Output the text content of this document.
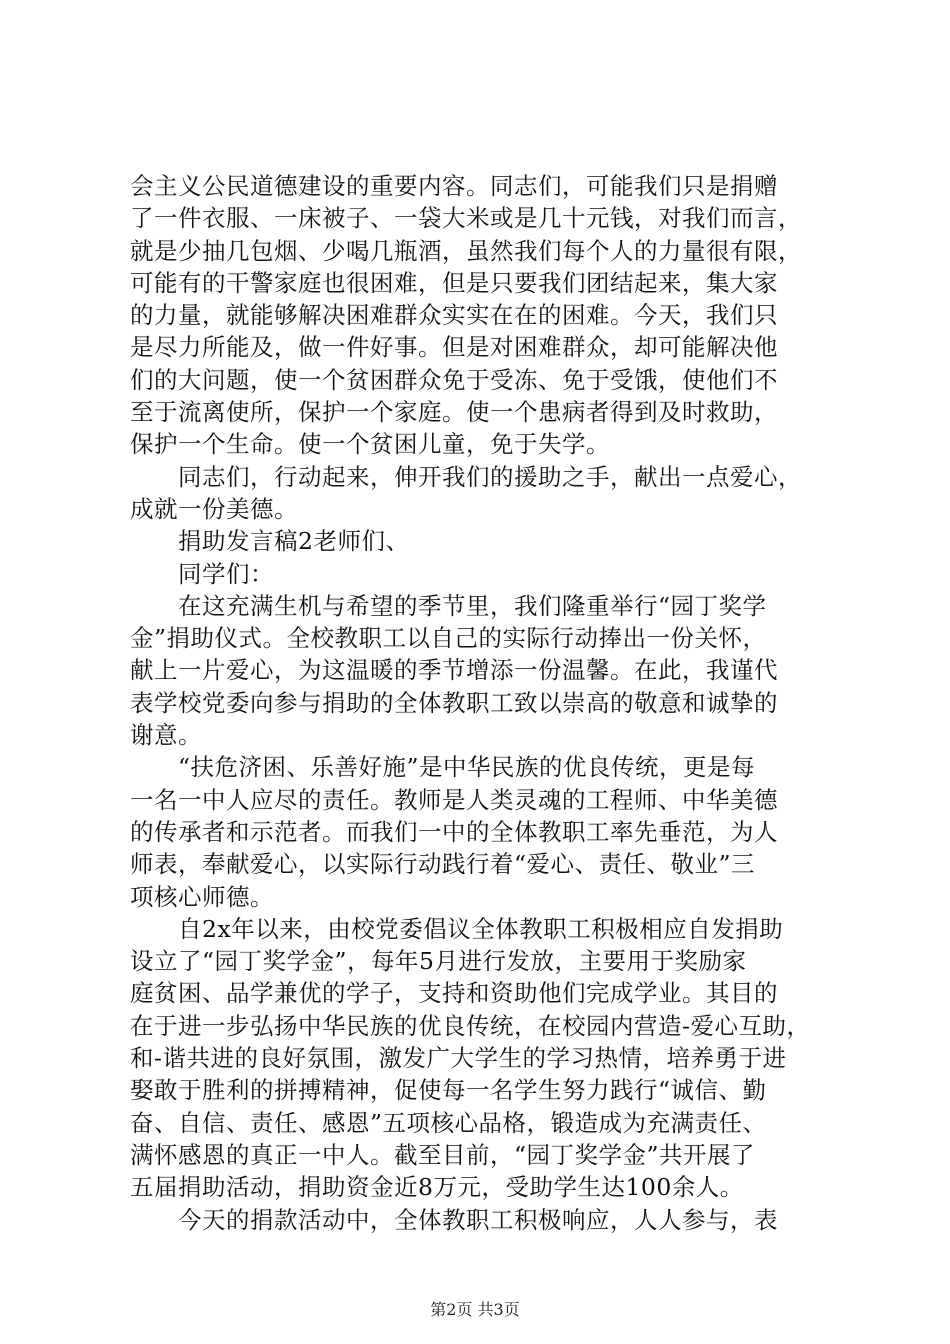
会主义公民道德建设的重要内容。同志们，可能我们只是捐赠
了一件衣服、一床被子、一袋大米或是几十元钱，对我们而言，
就是少抽几包烟、少喝几瓶酒，虽然我们每个人的力量很有限，
可能有的干警家庭也很困难，但是只要我们团结起来，集大家
的力量，就能够解决困难群众实实在在的困难。今天，我们只
是尽力所能及，做一件好事。但是对困难群众，却可能解决他
们的大问题，使一个贫困群众免于受冻、免于受饿，使他们不
至于流离使所，保护一个家庭。使一个患病者得到及时救助，
保护一个生命。使一个贫困儿童，免于失学。
同志们，行动起来，伸开我们的援助之手，献出一点爱心，
成就一份美德。
捐助发言稿2老师们、
同学们：
在这充满生机与希望的季节里，我们隆重举行“园丁奖学
金”捐助仪式。全校教职工以自己的实际行动捧出一份关怀，
献上一片爱心，为这温暖的季节增添一份温馨。在此，我谨代
表学校党委向参与捐助的全体教职工致以崇高的敬意和诚挚的
谢意。
“扶危济困、乐善好施”是中华民族的优良传统，更是每
一名一中人应尽的责任。教师是人类灵魂的工程师、中华美德
的传承者和示范者。而我们一中的全体教职工率先垂范，为人
师表，奉献爱心，以实际行动践行着“爱心、责任、敬业”三
项核心师德。
自2x年以来，由校党委倡议全体教职工积极相应自发捐助
设立了“园丁奖学金”，每年5月进行发放，主要用于奖励家
庭贫困、品学兼优的学子，支持和资助他们完成学业。其目的
在于进一步弘扬中华民族的优良传统，在校园内营造-爱心互助，
和-谐共进的良好氛围，激发广大学生的学习热情，培养勇于进
娶敢于胜利的拼搏精神，促使每一名学生努力践行“诚信、勤
奋、自信、责任、感恩”五项核心品格，锻造成为充满责任、
满怀感恩的真正一中人。截至目前，“园丁奖学金”共开展了
五届捐助活动，捐助资金近8万元，受助学生达100余人。
今天的捐款活动中，全体教职工积极响应，人人参与，表
第2页 共3页
